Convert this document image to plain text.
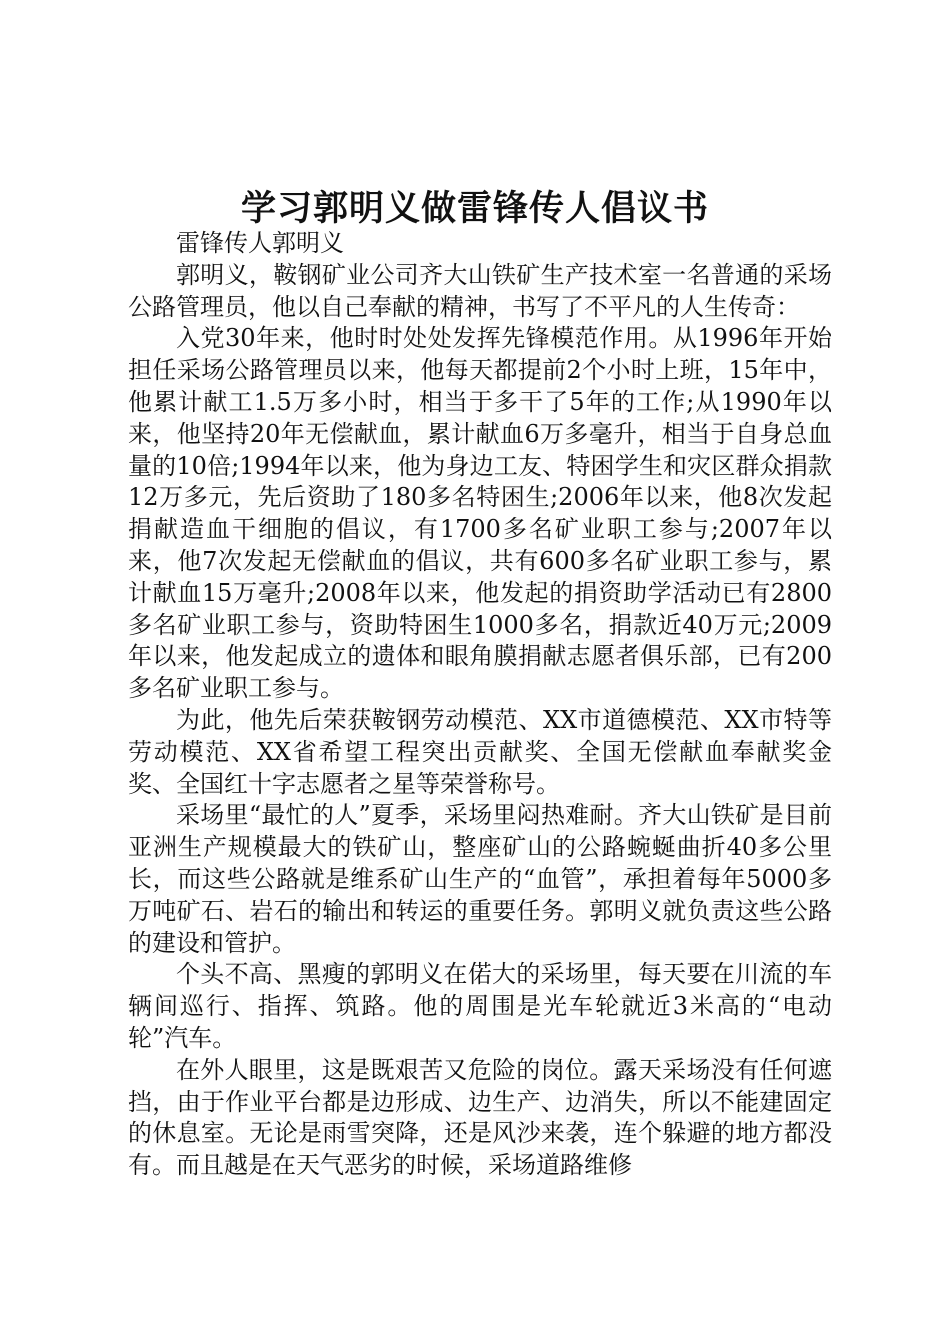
学习郭明义做雷锋传人倡议书

雷锋传人郭明义

郭明义，鞍钢矿业公司齐大山铁矿生产技术室一名普通的采场公路管理员，他以自己奉献的精神，书写了不平凡的人生传奇：

入党30年来，他时时处处发挥先锋模范作用。从1996年开始担任采场公路管理员以来，他每天都提前2个小时上班，15年中，他累计献工1.5万多小时，相当于多干了5年的工作;从1990年以来，他坚持20年无偿献血，累计献血6万多毫升，相当于自身总血量的10倍;1994年以来，他为身边工友、特困学生和灾区群众捐款12万多元，先后资助了180多名特困生;2006年以来，他8次发起捐献造血干细胞的倡议，有1700多名矿业职工参与;2007年以来，他7次发起无偿献血的倡议，共有600多名矿业职工参与，累计献血15万毫升;2008年以来，他发起的捐资助学活动已有2800多名矿业职工参与，资助特困生1000多名，捐款近40万元;2009年以来，他发起成立的遗体和眼角膜捐献志愿者俱乐部，已有200多名矿业职工参与。

为此，他先后荣获鞍钢劳动模范、XX市道德模范、XX市特等劳动模范、XX省希望工程突出贡献奖、全国无偿献血奉献奖金奖、全国红十字志愿者之星等荣誉称号。

采场里“最忙的人”夏季，采场里闷热难耐。齐大山铁矿是目前亚洲生产规模最大的铁矿山，整座矿山的公路蜿蜒曲折40多公里长，而这些公路就是维系矿山生产的“血管”，承担着每年5000多万吨矿石、岩石的输出和转运的重要任务。郭明义就负责这些公路的建设和管护。

个头不高、黑瘦的郭明义在偌大的采场里，每天要在川流的车辆间巡行、指挥、筑路。他的周围是光车轮就近3米高的“电动轮”汽车。

在外人眼里，这是既艰苦又危险的岗位。露天采场没有任何遮挡，由于作业平台都是边形成、边生产、边消失，所以不能建固定的休息室。无论是雨雪突降，还是风沙来袭，连个躲避的地方都没有。而且越是在天气恶劣的时候，采场道路维修
